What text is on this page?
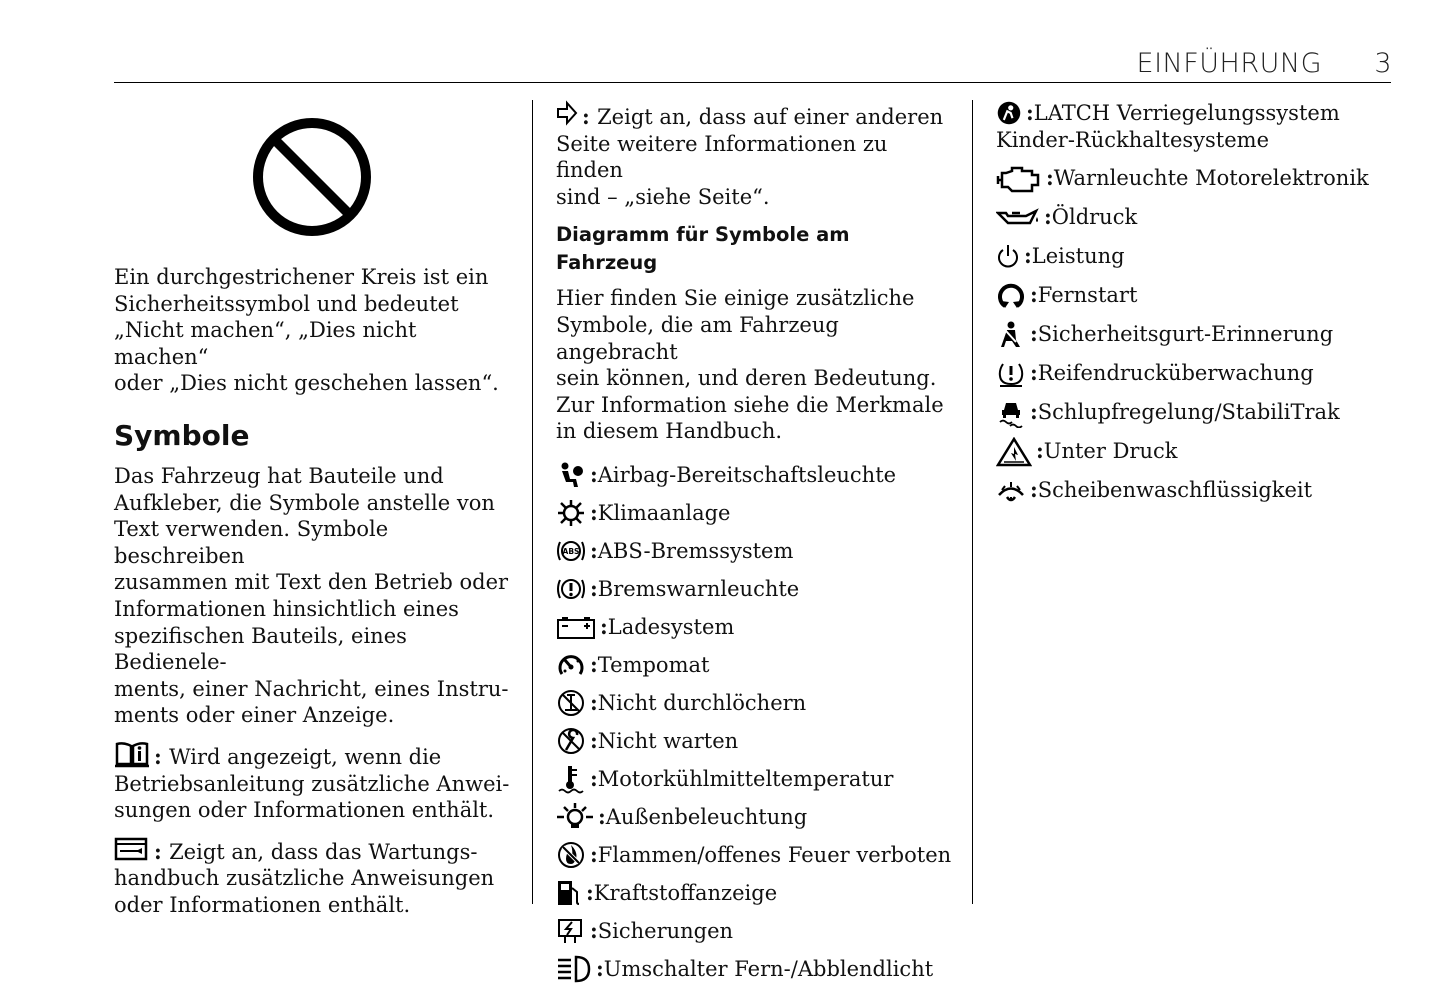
EINFÜHRUNG 3

Ein durchgestrichener Kreis ist ein

Sicherheitssymbol und bedeutet

„Nicht machen“, „Dies nicht machen“

oder „Dies nicht geschehen lassen“.

Symbole

Das Fahrzeug hat Bauteile und

Aufkleber, die Symbole anstelle von

Text verwenden. Symbole beschreiben

zusammen mit Text den Betrieb oder

Informationen hinsichtlich eines

spezifischen Bauteils, eines Bedienele-

ments, einer Nachricht, eines Instru-

ments oder einer Anzeige.

: Wird angezeigt, wenn die

Betriebsanleitung zusätzliche Anwei-

sungen oder Informationen enthält.

: Zeigt an, dass das Wartungs-

handbuch zusätzliche Anweisungen

oder Informationen enthält.

: Zeigt an, dass auf einer anderen

Seite weitere Informationen zu finden

sind – „siehe Seite“.

Diagramm für Symbole am Fahrzeug

Hier finden Sie einige zusätzliche

Symbole, die am Fahrzeug angebracht

sein können, und deren Bedeutung.

Zur Information siehe die Merkmale

in diesem Handbuch.

: Airbag-Bereitschaftsleuchte
: Klimaanlage
ABS : ABS-Bremssystem
: Bremswarnleuchte
: Ladesystem
: Tempomat
: Nicht durchlöchern
: Nicht warten
: Motorkühlmitteltemperatur
: Außenbeleuchtung
: Flammen/offenes Feuer verboten
: Kraftstoffanzeige
: Sicherungen
: Umschalter Fern-/Abblendlicht

: LATCH Verriegelungssystem

Kinder-Rückhaltesysteme

: Warnleuchte Motorelektronik
: Öldruck
: Leistung
: Fernstart
: Sicherheitsgurt-Erinnerung
: Reifendrucküberwachung
: Schlupfregelung/StabiliTrak
: Unter Druck
: Scheibenwaschflüssigkeit
